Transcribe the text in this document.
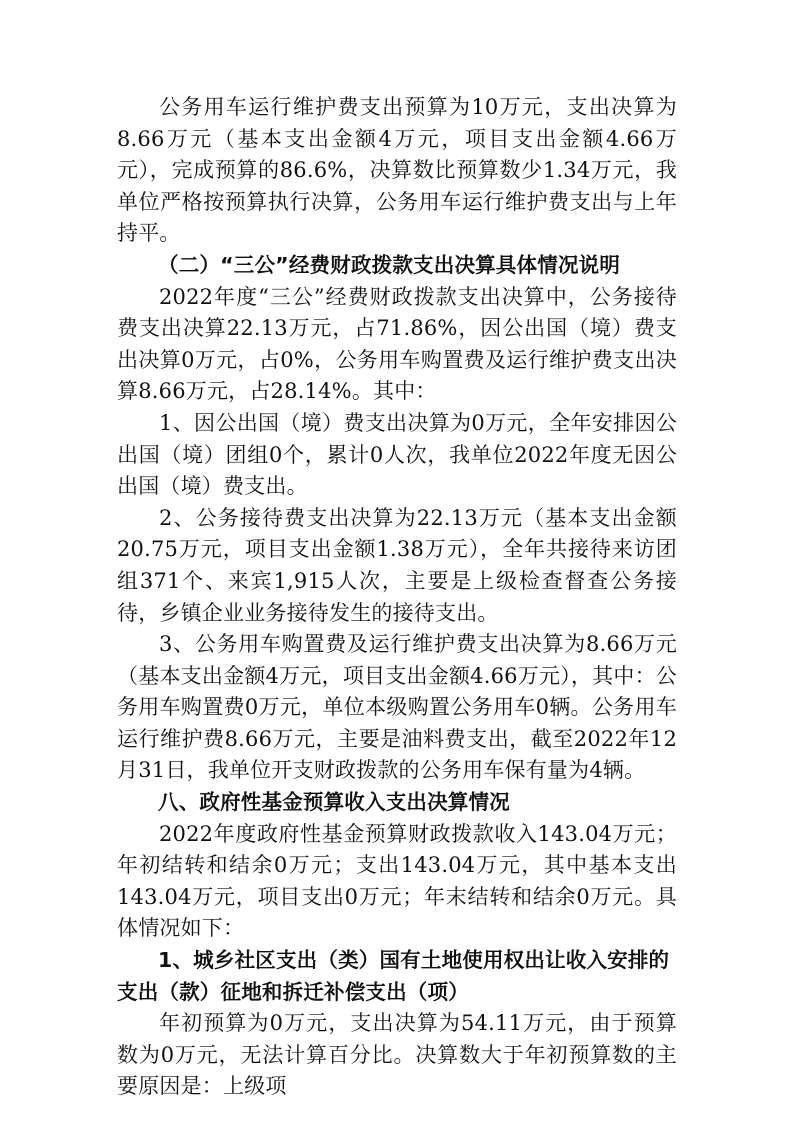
公务用车运行维护费支出预算为10万元，支出决算为8.66万元（基本支出金额4万元，项目支出金额4.66万元），完成预算的86.6%，决算数比预算数少1.34万元，我单位严格按预算执行决算，公务用车运行维护费支出与上年持平。

（二）“三公”经费财政拨款支出决算具体情况说明

2022年度“三公”经费财政拨款支出决算中，公务接待费支出决算22.13万元，占71.86%，因公出国（境）费支出决算0万元，占0%，公务用车购置费及运行维护费支出决算8.66万元，占28.14%。其中：

1、因公出国（境）费支出决算为0万元，全年安排因公出国（境）团组0个，累计0人次，我单位2022年度无因公出国（境）费支出。

2、公务接待费支出决算为22.13万元（基本支出金额20.75万元，项目支出金额1.38万元），全年共接待来访团组371个、来宾1,915人次，主要是上级检查督查公务接待，乡镇企业业务接待发生的接待支出。

3、公务用车购置费及运行维护费支出决算为8.66万元（基本支出金额4万元，项目支出金额4.66万元），其中：公务用车购置费0万元，单位本级购置公务用车0辆。公务用车运行维护费8.66万元，主要是油料费支出，截至2022年12月31日，我单位开支财政拨款的公务用车保有量为4辆。

八、政府性基金预算收入支出决算情况

2022年度政府性基金预算财政拨款收入143.04万元；年初结转和结余0万元；支出143.04万元，其中基本支出143.04万元，项目支出0万元；年末结转和结余0万元。具体情况如下：

1、城乡社区支出（类）国有土地使用权出让收入安排的支出（款）征地和拆迁补偿支出（项）

年初预算为0万元，支出决算为54.11万元，由于预算数为0万元，无法计算百分比。决算数大于年初预算数的主要原因是：上级项
